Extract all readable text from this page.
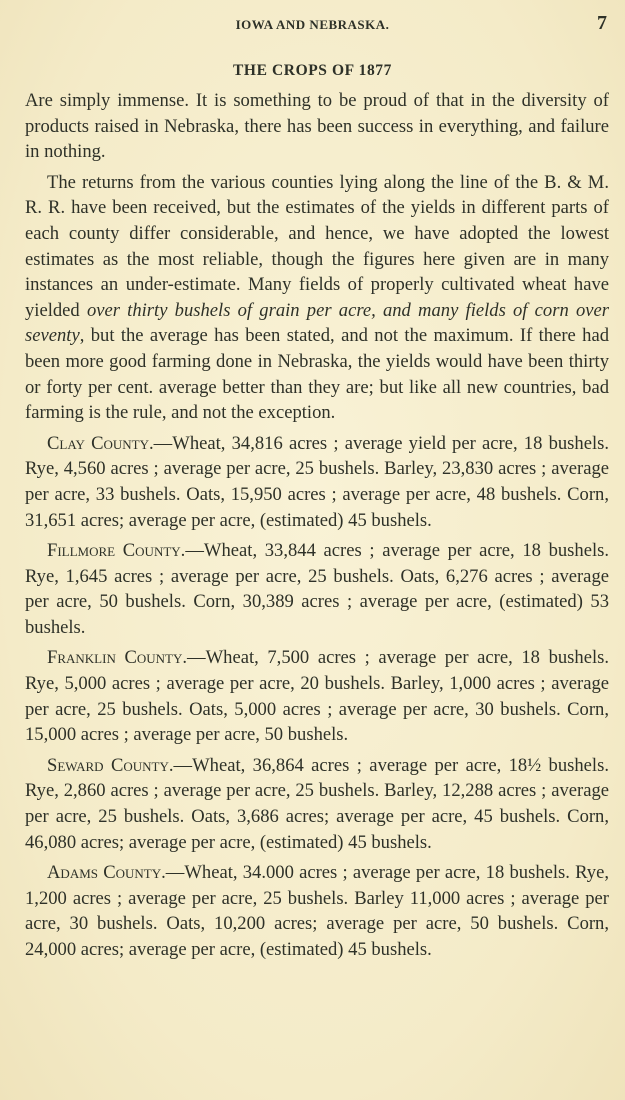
IOWA AND NEBRASKA.	7
THE CROPS OF 1877

Are simply immense. It is something to be proud of that in the diversity of products raised in Nebraska, there has been success in everything, and failure in nothing.

The returns from the various counties lying along the line of the B. & M. R. R. have been received, but the estimates of the yields in different parts of each county differ considerable, and hence, we have adopted the lowest estimates as the most reliable, though the figures here given are in many instances an under-estimate. Many fields of properly cultivated wheat have yielded over thirty bushels of grain per acre, and many fields of corn over seventy, but the average has been stated, and not the maximum. If there had been more good farming done in Nebraska, the yields would have been thirty or forty per cent. average better than they are; but like all new countries, bad farming is the rule, and not the exception.

Clay County.—Wheat, 34,816 acres ; average yield per acre, 18 bushels. Rye, 4,560 acres ; average per acre, 25 bushels. Barley, 23,830 acres ; average per acre, 33 bushels. Oats, 15,950 acres ; average per acre, 48 bushels. Corn, 31,651 acres; average per acre, (estimated) 45 bushels.

Fillmore County.—Wheat, 33,844 acres ; average per acre, 18 bushels. Rye, 1,645 acres ; average per acre, 25 bushels. Oats, 6,276 acres ; average per acre, 50 bushels. Corn, 30,389 acres ; average per acre, (estimated) 53 bushels.

Franklin County.—Wheat, 7,500 acres ; average per acre, 18 bushels. Rye, 5,000 acres ; average per acre, 20 bushels. Barley, 1,000 acres ; average per acre, 25 bushels. Oats, 5,000 acres ; average per acre, 30 bushels. Corn, 15,000 acres ; average per acre, 50 bushels.

Seward County.—Wheat, 36,864 acres ; average per acre, 18½ bushels. Rye, 2,860 acres ; average per acre, 25 bushels. Barley, 12,288 acres ; average per acre, 25 bushels. Oats, 3,686 acres; average per acre, 45 bushels. Corn, 46,080 acres; average per acre, (estimated) 45 bushels.

Adams County.—Wheat, 34.000 acres ; average per acre, 18 bushels. Rye, 1,200 acres ; average per acre, 25 bushels. Barley 11,000 acres ; average per acre, 30 bushels. Oats, 10,200 acres; average per acre, 50 bushels. Corn, 24,000 acres; average per acre, (estimated) 45 bushels.
